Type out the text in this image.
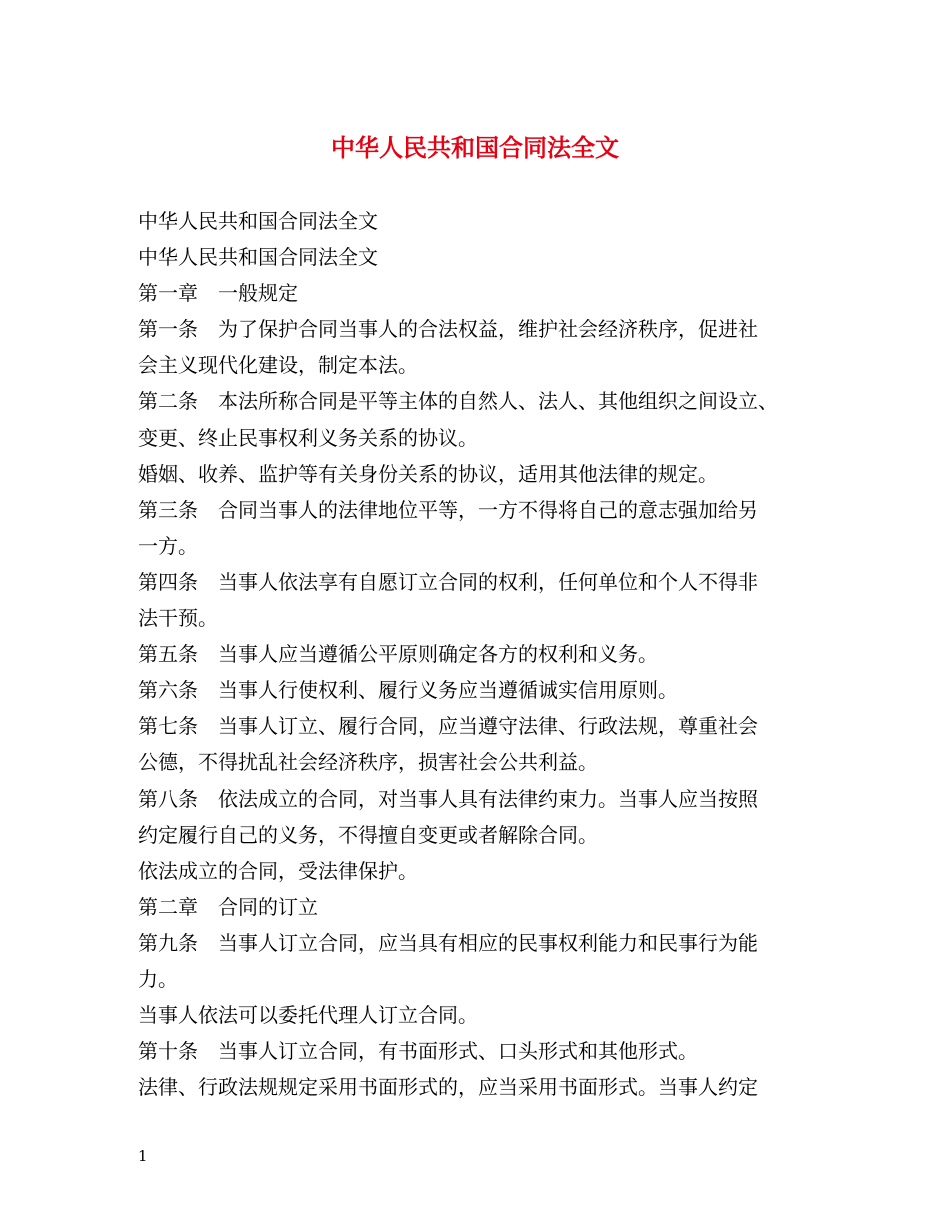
中华人民共和国合同法全文

中华人民共和国合同法全文

中华人民共和国合同法全文

第一章　一般规定

第一条　为了保护合同当事人的合法权益，维护社会经济秩序，促进社

会主义现代化建设，制定本法。

第二条　本法所称合同是平等主体的自然人、法人、其他组织之间设立、

变更、终止民事权利义务关系的协议。

婚姻、收养、监护等有关身份关系的协议，适用其他法律的规定。

第三条　合同当事人的法律地位平等，一方不得将自己的意志强加给另

一方。

第四条　当事人依法享有自愿订立合同的权利，任何单位和个人不得非

法干预。

第五条　当事人应当遵循公平原则确定各方的权利和义务。

第六条　当事人行使权利、履行义务应当遵循诚实信用原则。

第七条　当事人订立、履行合同，应当遵守法律、行政法规，尊重社会

公德，不得扰乱社会经济秩序，损害社会公共利益。

第八条　依法成立的合同，对当事人具有法律约束力。当事人应当按照

约定履行自己的义务，不得擅自变更或者解除合同。

依法成立的合同，受法律保护。

第二章　合同的订立

第九条　当事人订立合同，应当具有相应的民事权利能力和民事行为能

力。

当事人依法可以委托代理人订立合同。

第十条　当事人订立合同，有书面形式、口头形式和其他形式。

法律、行政法规规定采用书面形式的，应当采用书面形式。当事人约定

1
